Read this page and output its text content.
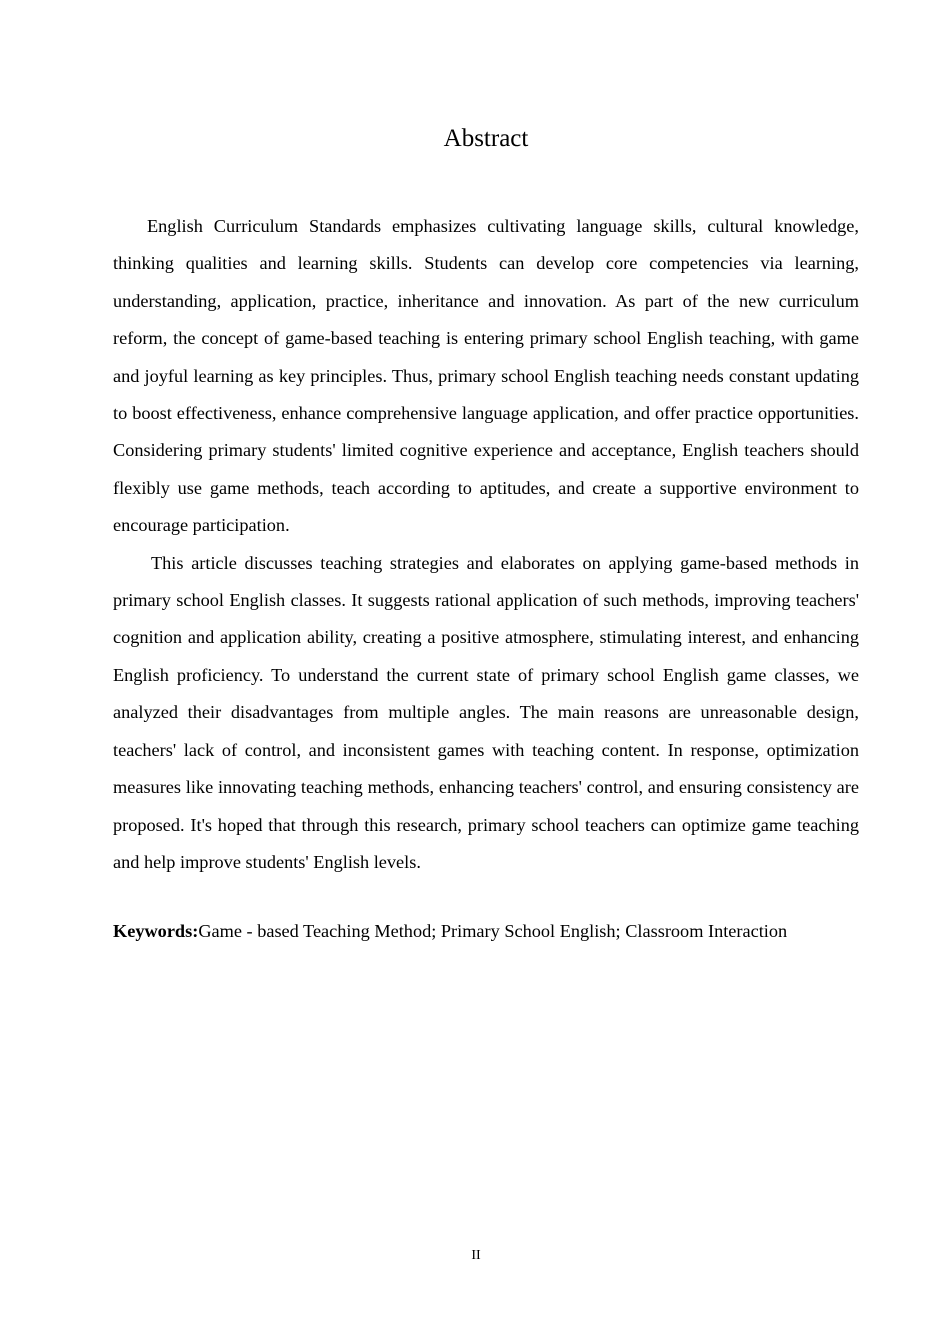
Abstract

English Curriculum Standards emphasizes cultivating language skills, cultural knowledge, thinking qualities and learning skills. Students can develop core competencies via learning, understanding, application, practice, inheritance and innovation. As part of the new curriculum reform, the concept of game-based teaching is entering primary school English teaching, with game and joyful learning as key principles. Thus, primary school English teaching needs constant updating to boost effectiveness, enhance comprehensive language application, and offer practice opportunities. Considering primary students' limited cognitive experience and acceptance, English teachers should flexibly use game methods, teach according to aptitudes, and create a supportive environment to encourage participation.

This article discusses teaching strategies and elaborates on applying game-based methods in primary school English classes. It suggests rational application of such methods, improving teachers' cognition and application ability, creating a positive atmosphere, stimulating interest, and enhancing English proficiency. To understand the current state of primary school English game classes, we analyzed their disadvantages from multiple angles. The main reasons are unreasonable design, teachers' lack of control, and inconsistent games with teaching content. In response, optimization measures like innovating teaching methods, enhancing teachers' control, and ensuring consistency are proposed. It's hoped that through this research, primary school teachers can optimize game teaching and help improve students' English levels.

Keywords:Game - based Teaching Method; Primary School English; Classroom Interaction

II
